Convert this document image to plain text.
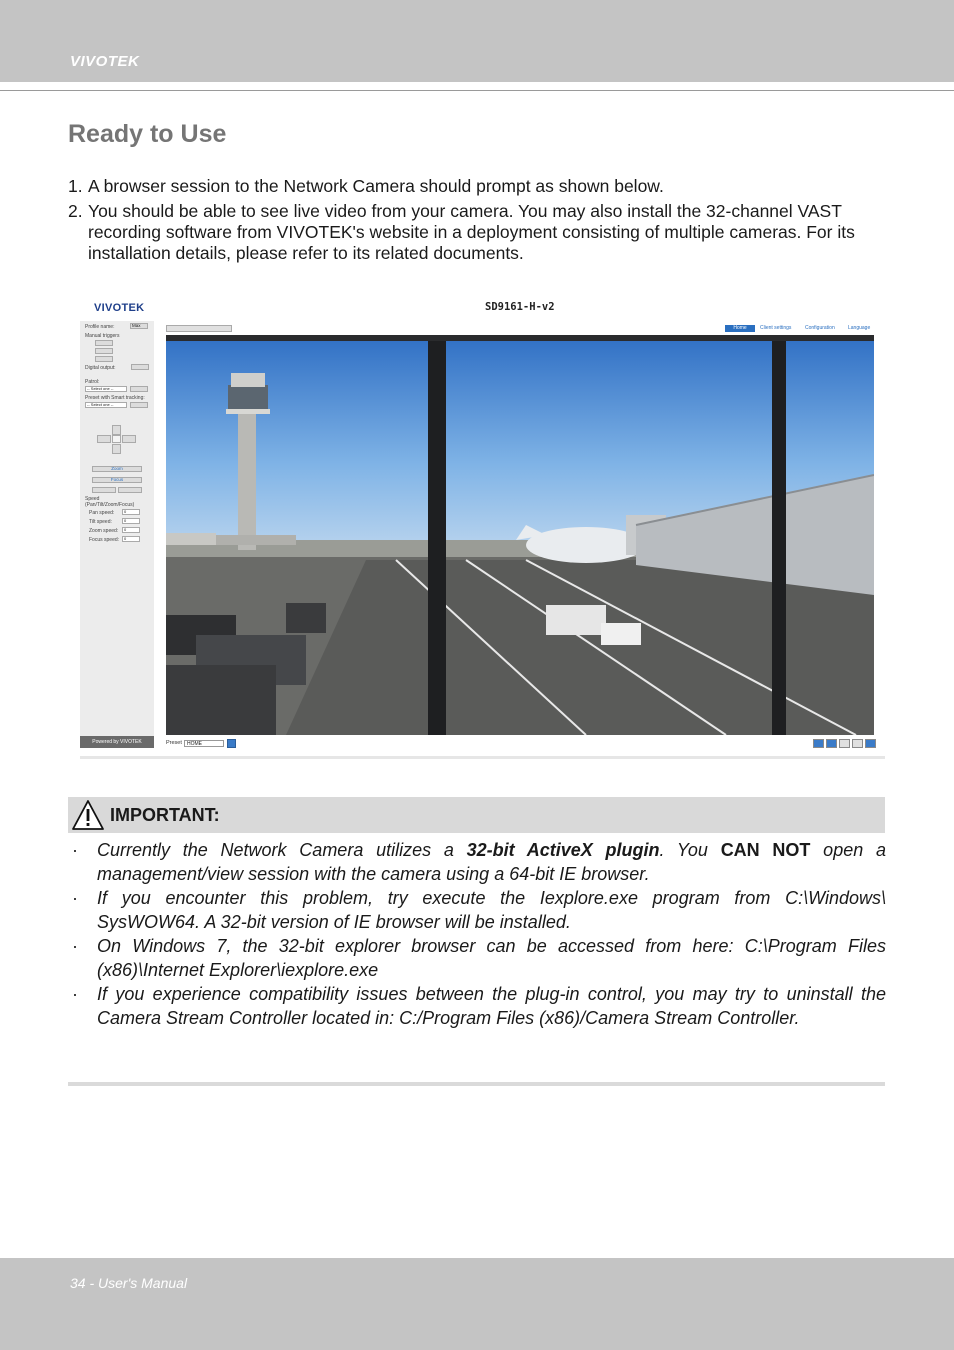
VIVOTEK
Ready to Use
1. A browser session to the Network Camera should prompt as shown below.
2. You should be able to see live video from your camera. You may also install the 32-channel VAST recording software from VIVOTEK's website in a deployment consisting of multiple cameras. For its installation details, please refer to its related documents.
VIVOTEK	SD9161-H-v2
Profile name:	Max
Manual triggers
Digital output:
Patrol:
-- Select one --
Preset with Smart tracking:
-- Select one --
Zoom
Focus
Speed
(Pan/Tilt/Zoom/Focus)
Pan speed:	0
Tilt speed:	0
Zoom speed:	0
Focus speed:	0
Powered by VIVOTEK
Home	Client settings	Configuration	Language
Preset	HOME
IMPORTANT:
·	Currently the Network Camera utilizes a 32-bit ActiveX plugin. You CAN NOT open a management/view session with the camera using a 64-bit IE browser.
·	If you encounter this problem, try execute the Iexplore.exe program from C:\Windows\ SysWOW64. A 32-bit version of IE browser will be installed.
·	On Windows 7, the 32-bit explorer browser can be accessed from here: C:\Program Files (x86)\Internet Explorer\iexplore.exe
·	If you experience compatibility issues between the plug-in control, you may try to uninstall the Camera Stream Controller located in: C:/Program Files (x86)/Camera Stream Controller.
34 - User's Manual
